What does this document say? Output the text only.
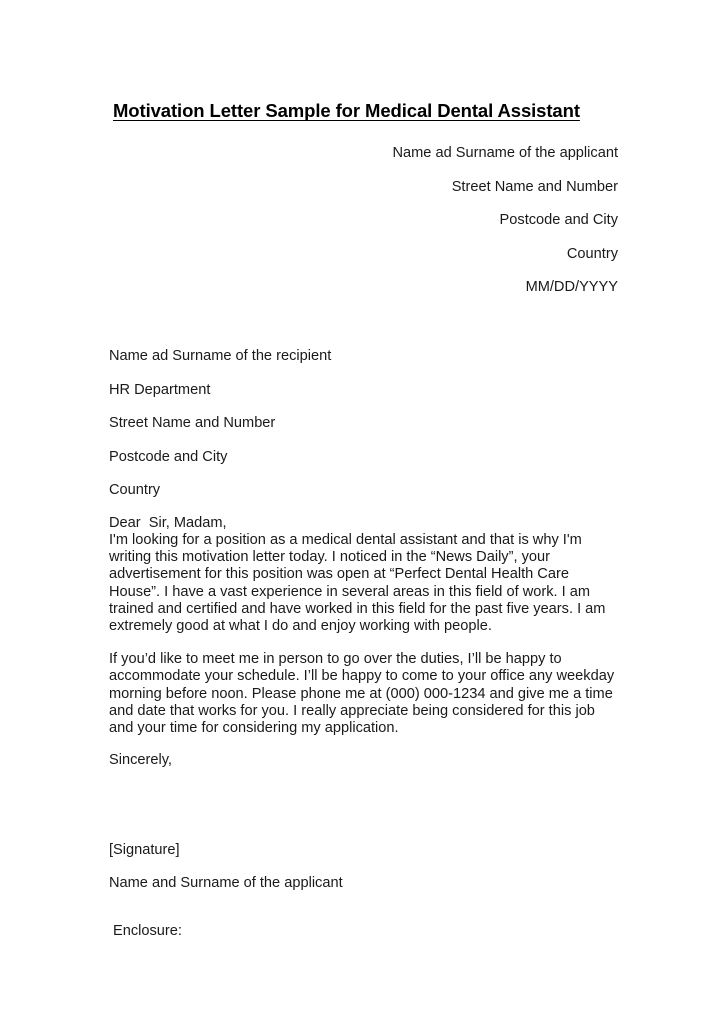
Motivation Letter Sample for Medical Dental Assistant

Name ad Surname of the applicant

Street Name and Number

Postcode and City

Country

MM/DD/YYYY

Name ad Surname of the recipient

HR Department

Street Name and Number

Postcode and City

Country

Dear  Sir, Madam,

I'm looking for a position as a medical dental assistant and that is why I'm writing this motivation letter today. I noticed in the “News Daily”, your advertisement for this position was open at “Perfect Dental Health Care House”. I have a vast experience in several areas in this field of work. I am trained and certified and have worked in this field for the past five years. I am extremely good at what I do and enjoy working with people.

If you’d like to meet me in person to go over the duties, I’ll be happy to accommodate your schedule. I’ll be happy to come to your office any weekday morning before noon. Please phone me at (000) 000-1234 and give me a time and date that works for you. I really appreciate being considered for this job and your time for considering my application.

Sincerely,

[Signature]

Name and Surname of the applicant

Enclosure:
